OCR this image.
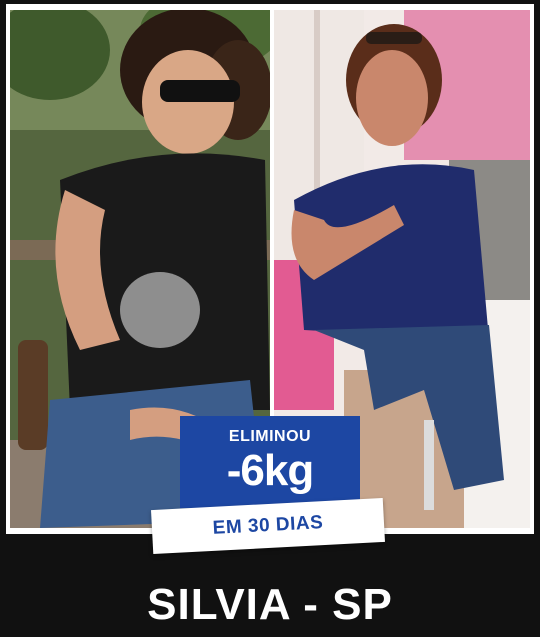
ELIMINOU
-6kg
EM 30 DIAS
SILVIA - SP
